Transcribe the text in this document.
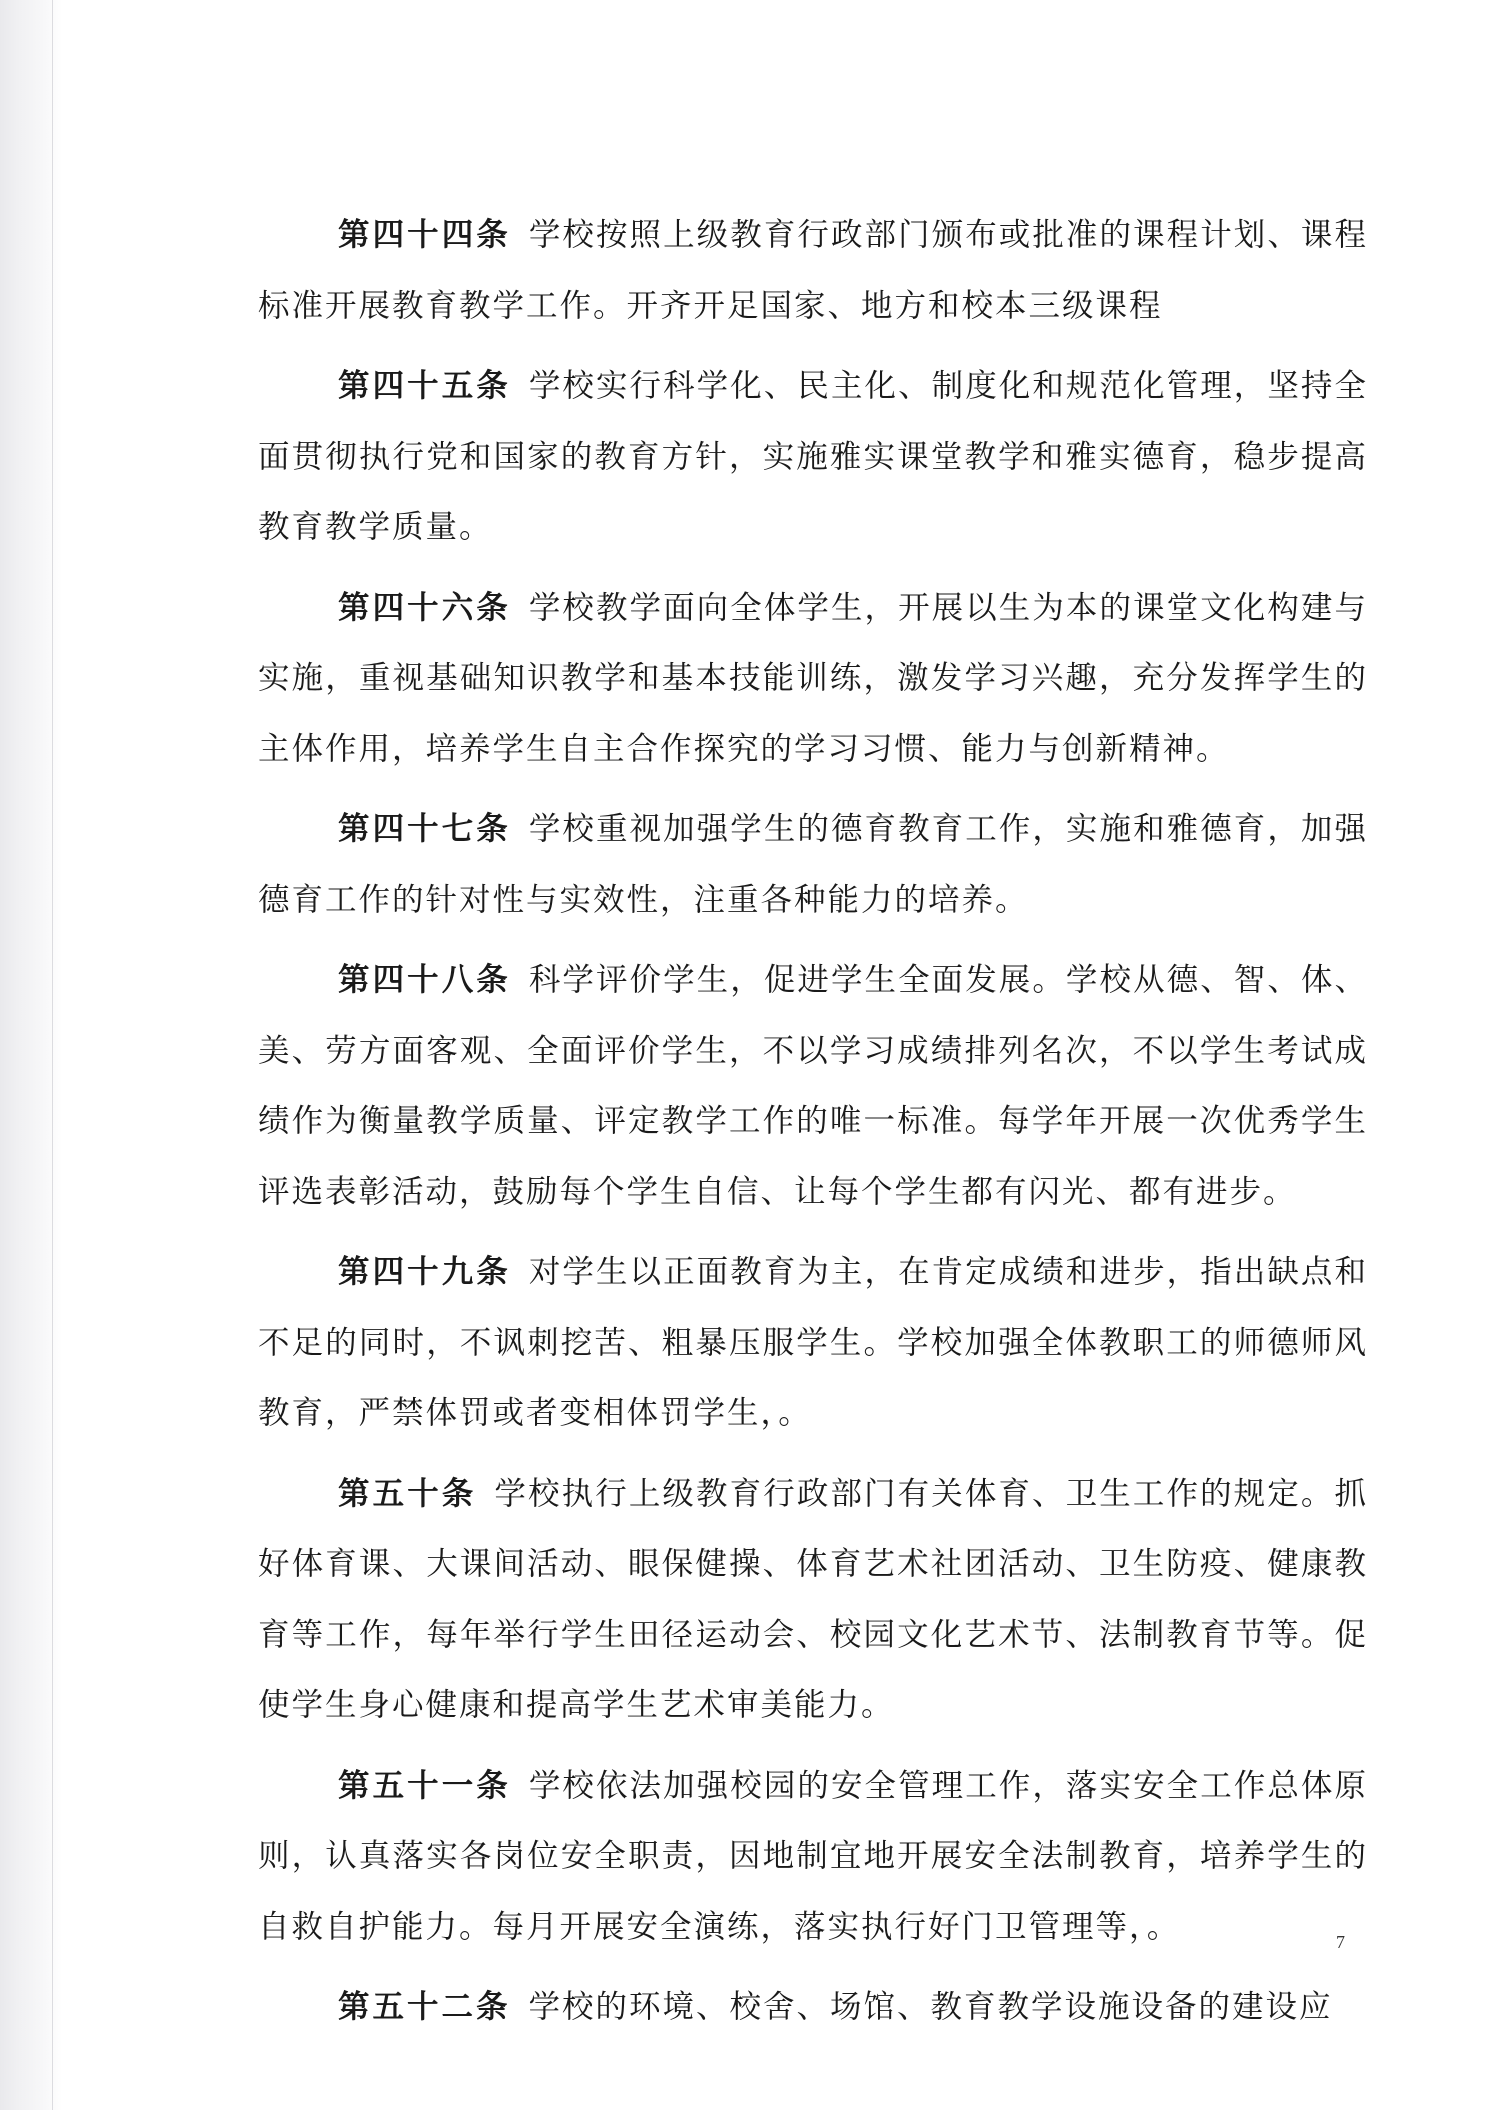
第四十四条 学校按照上级教育行政部门颁布或批准的课程计划、课程标准开展教育教学工作。开齐开足国家、地方和校本三级课程

第四十五条 学校实行科学化、民主化、制度化和规范化管理，坚持全面贯彻执行党和国家的教育方针，实施雅实课堂教学和雅实德育，稳步提高教育教学质量。

第四十六条 学校教学面向全体学生，开展以生为本的课堂文化构建与实施，重视基础知识教学和基本技能训练，激发学习兴趣，充分发挥学生的主体作用，培养学生自主合作探究的学习习惯、能力与创新精神。

第四十七条 学校重视加强学生的德育教育工作，实施和雅德育，加强德育工作的针对性与实效性，注重各种能力的培养。

第四十八条 科学评价学生，促进学生全面发展。学校从德、智、体、美、劳方面客观、全面评价学生，不以学习成绩排列名次，不以学生考试成绩作为衡量教学质量、评定教学工作的唯一标准。每学年开展一次优秀学生评选表彰活动，鼓励每个学生自信、让每个学生都有闪光、都有进步。

第四十九条 对学生以正面教育为主，在肯定成绩和进步，指出缺点和不足的同时，不讽刺挖苦、粗暴压服学生。学校加强全体教职工的师德师风教育，严禁体罚或者变相体罚学生，。

第五十条 学校执行上级教育行政部门有关体育、卫生工作的规定。抓好体育课、大课间活动、眼保健操、体育艺术社团活动、卫生防疫、健康教育等工作，每年举行学生田径运动会、校园文化艺术节、法制教育节等。促使学生身心健康和提高学生艺术审美能力。

第五十一条 学校依法加强校园的安全管理工作，落实安全工作总体原则，认真落实各岗位安全职责，因地制宜地开展安全法制教育，培养学生的自救自护能力。每月开展安全演练，落实执行好门卫管理等，。

第五十二条 学校的环境、校舍、场馆、教育教学设施设备的建设应

7
